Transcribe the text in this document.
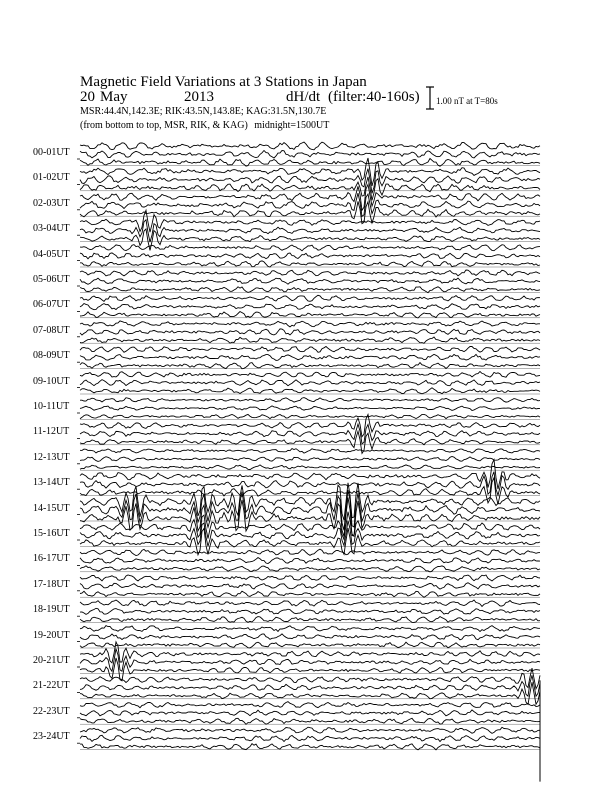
Magnetic Field Variations at 3 Stations in Japan
20 May	2013	dH/dt (filter:40-160s)
MSR:44.4N,142.3E; RIK:43.5N,143.8E; KAG:31.5N,130.7E
(from bottom to top, MSR, RIK, & KAG) midnight=1500UT
1.00 nT at T=80s
00-01UT
01-02UT
02-03UT
03-04UT
04-05UT
05-06UT
06-07UT
07-08UT
08-09UT
09-10UT
10-11UT
11-12UT
12-13UT
13-14UT
14-15UT
15-16UT
16-17UT
17-18UT
18-19UT
19-20UT
20-21UT
21-22UT
22-23UT
23-24UT
